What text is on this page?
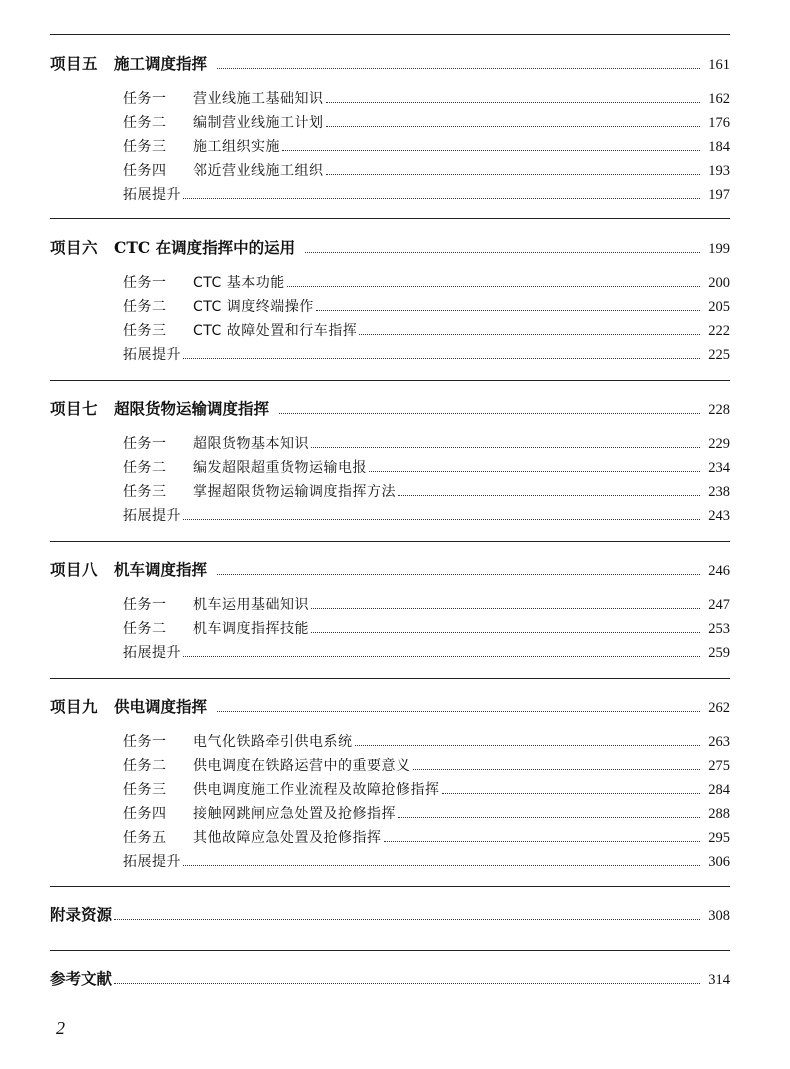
项目五 施工调度指挥	161
任务一	营业线施工基础知识	162
任务二	编制营业线施工计划	176
任务三	施工组织实施	184
任务四	邻近营业线施工组织	193
拓展提升	197
项目六 CTC 在调度指挥中的运用	199
任务一	CTC 基本功能	200
任务二	CTC 调度终端操作	205
任务三	CTC 故障处置和行车指挥	222
拓展提升	225
项目七 超限货物运输调度指挥	228
任务一	超限货物基本知识	229
任务二	编发超限超重货物运输电报	234
任务三	掌握超限货物运输调度指挥方法	238
拓展提升	243
项目八 机车调度指挥	246
任务一	机车运用基础知识	247
任务二	机车调度指挥技能	253
拓展提升	259
项目九 供电调度指挥	262
任务一	电气化铁路牵引供电系统	263
任务二	供电调度在铁路运营中的重要意义	275
任务三	供电调度施工作业流程及故障抢修指挥	284
任务四	接触网跳闸应急处置及抢修指挥	288
任务五	其他故障应急处置及抢修指挥	295
拓展提升	306
附录资源	308
参考文献	314
2
